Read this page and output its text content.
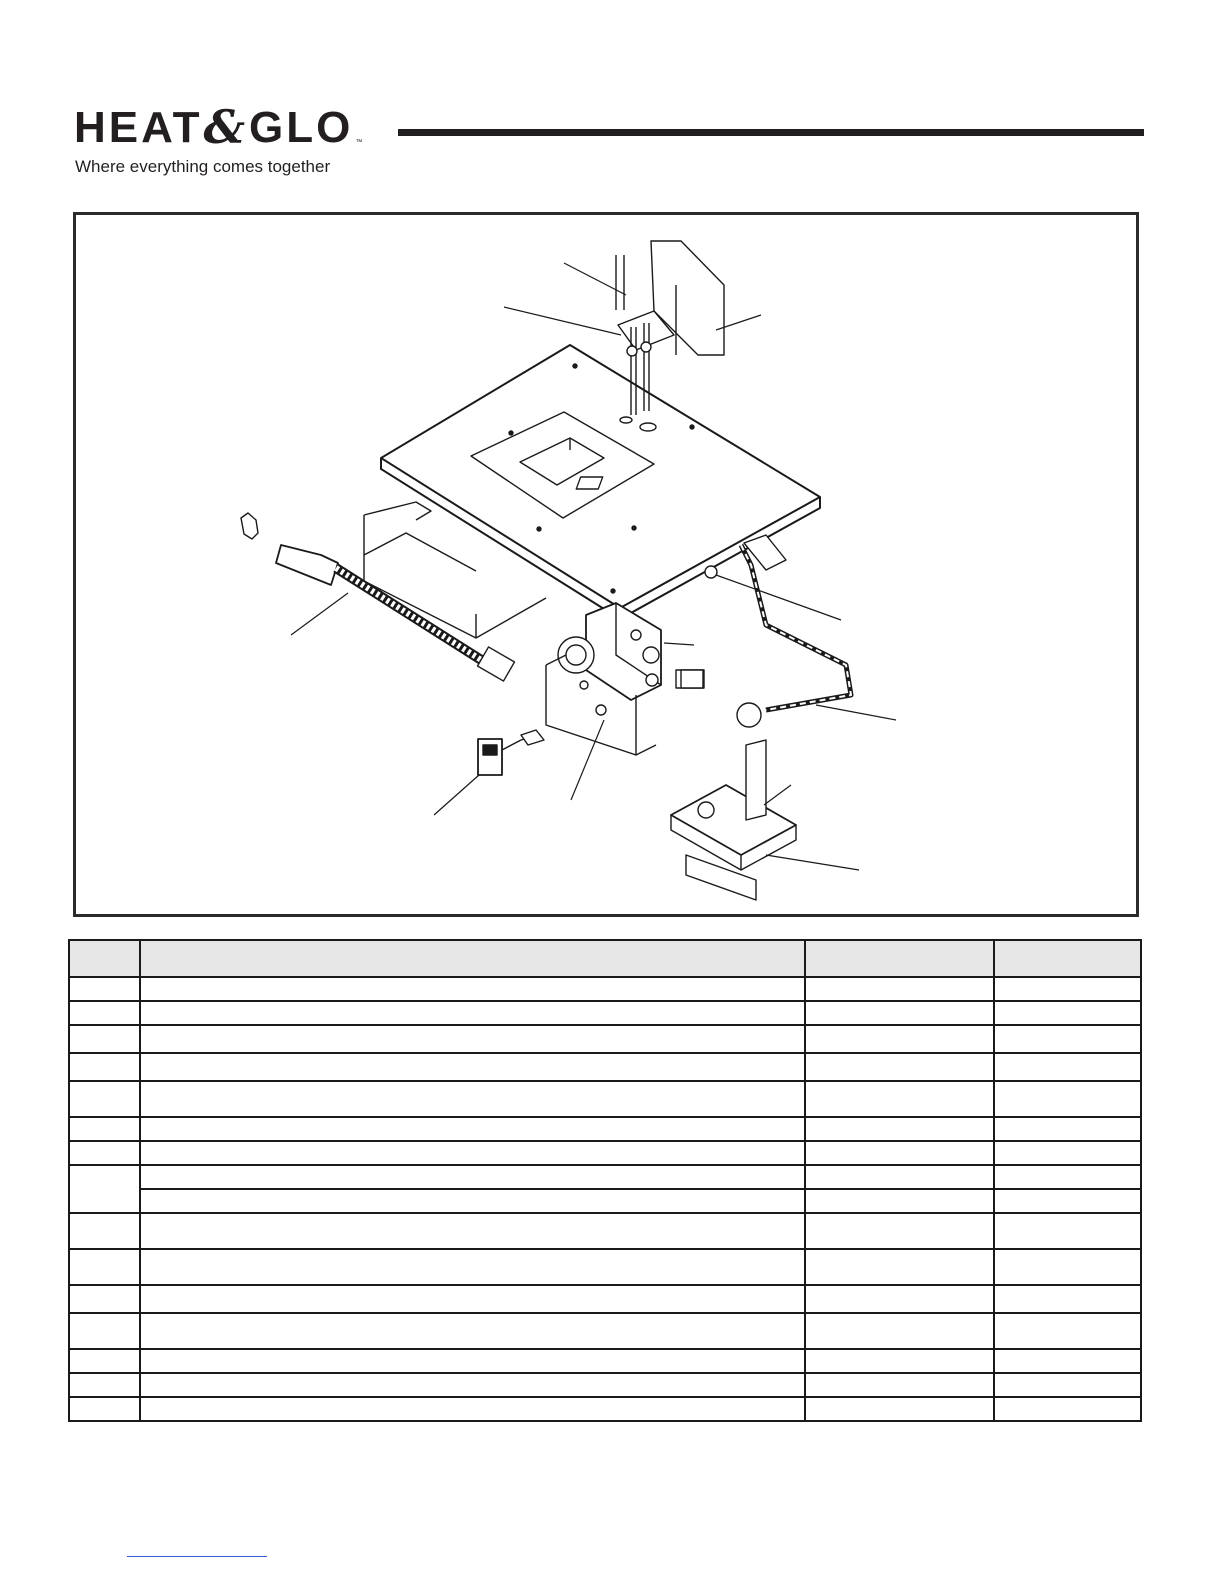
HEAT & GLO ™
Where everything comes together
